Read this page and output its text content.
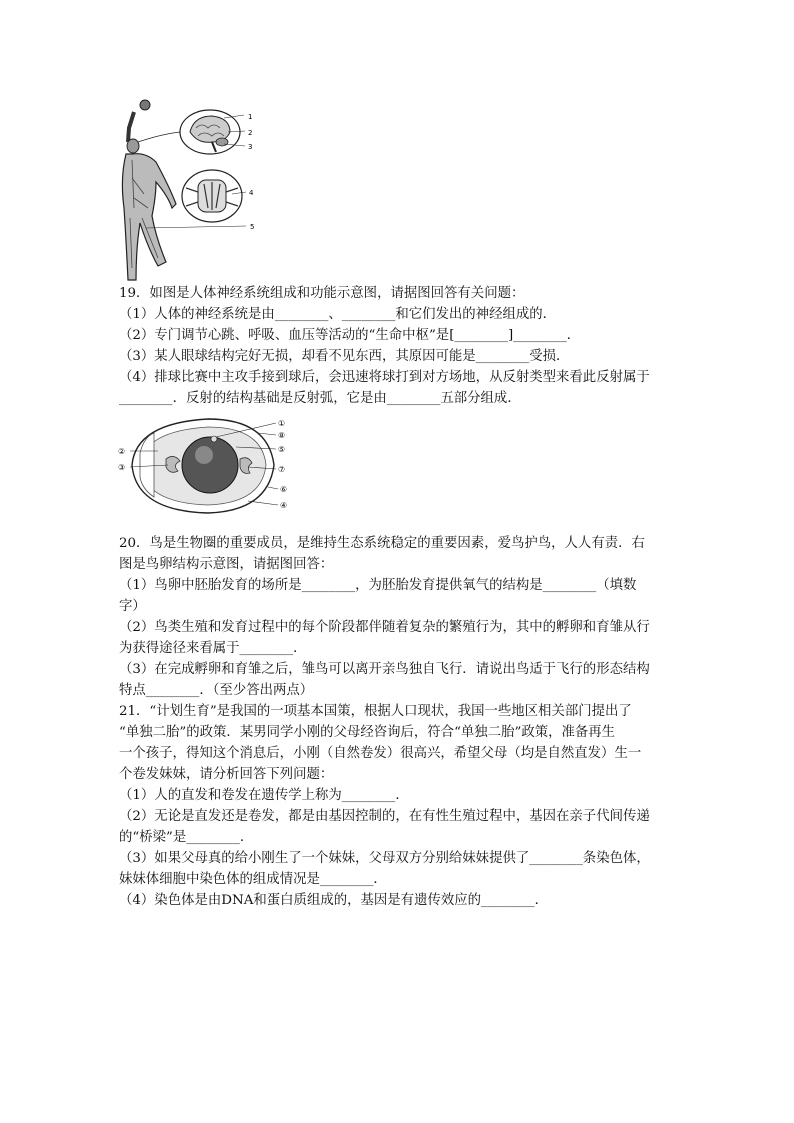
1
2
3
4
5
19．如图是人体神经系统组成和功能示意图，请据图回答有关问题：
（1）人体的神经系统是由________、________和它们发出的神经组成的．
（2）专门调节心跳、呼吸、血压等活动的“生命中枢”是[________]________．
（3）某人眼球结构完好无损，却看不见东西，其原因可能是________受损．
（4）排球比赛中主攻手接到球后，会迅速将球打到对方场地，从反射类型来看此反射属于
________．反射的结构基础是反射弧，它是由________五部分组成．
①
⑧
②	⑤
③	⑦
⑥
④
20．鸟是生物圈的重要成员，是维持生态系统稳定的重要因素，爱鸟护鸟，人人有责．右
图是鸟卵结构示意图，请据图回答：
（1）鸟卵中胚胎发育的场所是________，为胚胎发育提供氧气的结构是________（填数
字）
（2）鸟类生殖和发育过程中的每个阶段都伴随着复杂的繁殖行为，其中的孵卵和育雏从行
为获得途径来看属于________．
（3）在完成孵卵和育雏之后，雏鸟可以离开亲鸟独自飞行．请说出鸟适于飞行的形态结构
特点________．（至少答出两点）
21．“计划生育”是我国的一项基本国策，根据人口现状，我国一些地区相关部门提出了
“单独二胎”的政策．某男同学小刚的父母经咨询后，符合“单独二胎”政策，准备再生
一个孩子，得知这个消息后，小刚（自然卷发）很高兴，希望父母（均是自然直发）生一
个卷发妹妹，请分析回答下列问题：
（1）人的直发和卷发在遗传学上称为________．
（2）无论是直发还是卷发，都是由基因控制的，在有性生殖过程中，基因在亲子代间传递
的“桥梁”是________．
（3）如果父母真的给小刚生了一个妹妹，父母双方分别给妹妹提供了________条染色体，
妹妹体细胞中染色体的组成情况是________．
（4）染色体是由DNA和蛋白质组成的，基因是有遗传效应的________．
